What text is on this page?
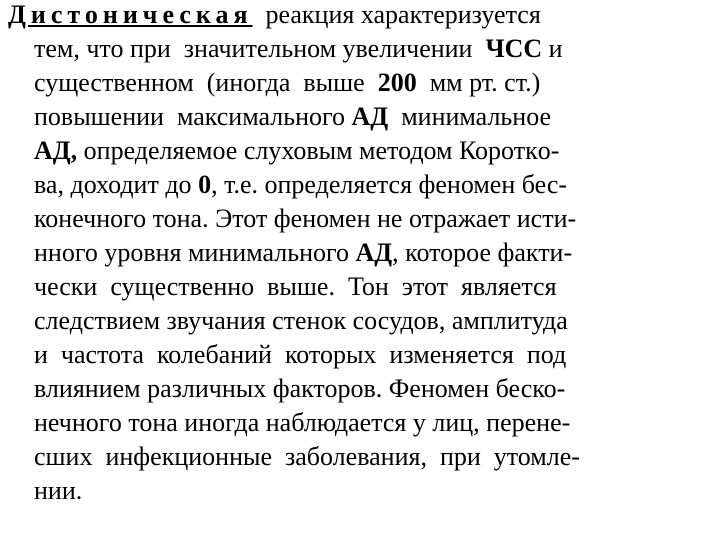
Дистоническая  реакция характеризуется
тем, что при  значительном увеличении  ЧСС и
существенном  (иногда  выше  200  мм рт. ст.)
повышении  максимального АД  минимальное
АД, определяемое слуховым методом Короткo-
ва, доходит до 0, т.е. определяется феномен бес-
конечного тона. Этот феномен не отражает исти-
нного уровня минимального АД, которое факти-
чески  существенно  выше.  Тон  этот  является
следствием звучания стенок сосудов, амплитуда
и  частота  колебаний  которых  изменяется  под
влиянием различных факторов. Феномен беско-
нечного тона иногда наблюдается у лиц, перене-
сших  инфекционные  заболевания,  при  утомле-
нии.
